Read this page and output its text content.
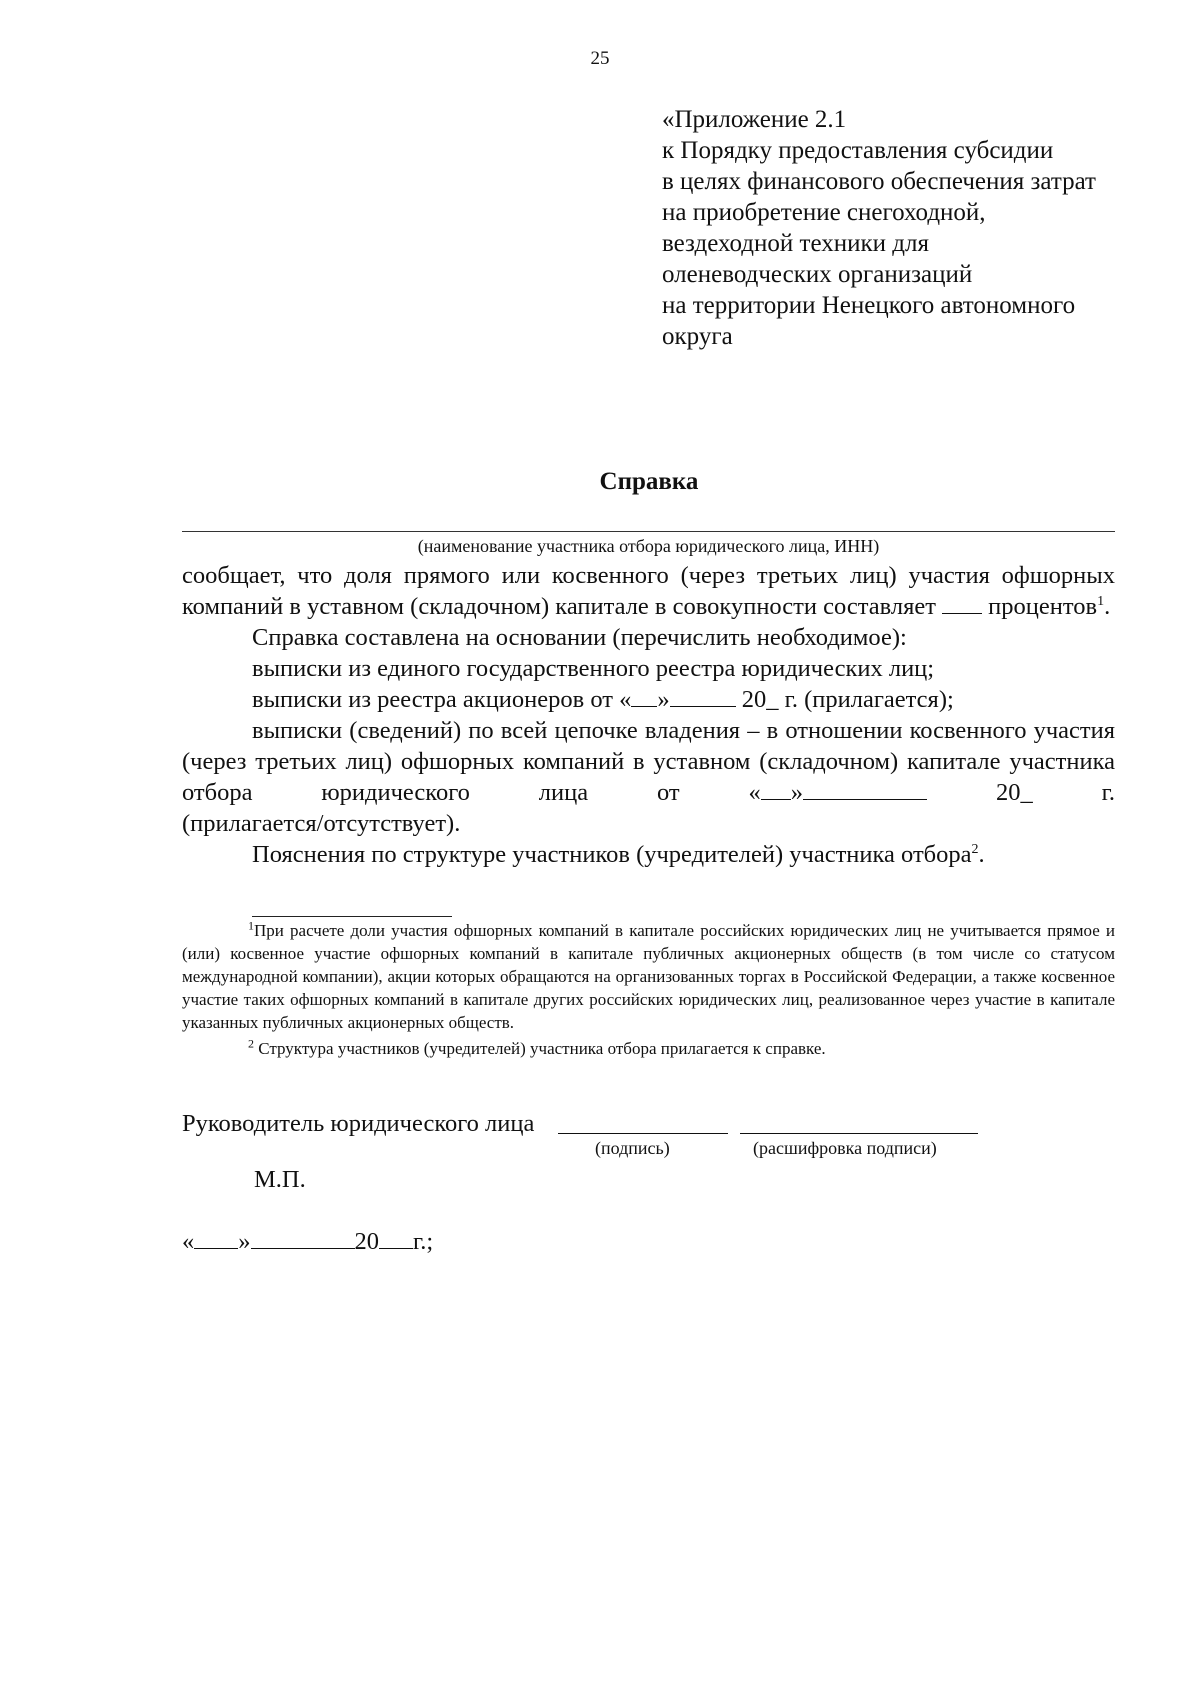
25
«Приложение 2.1
к Порядку предоставления субсидии
в целях финансового обеспечения затрат
на приобретение снегоходной,
вездеходной техники для
оленеводческих организаций
на территории Ненецкого автономного
округа
Справка
(наименование участника отбора юридического лица, ИНН)

сообщает, что доля прямого или косвенного (через третьих лиц) участия офшорных компаний в уставном (складочном) капитале в совокупности составляет процентов$^1$.

Справка составлена на основании (перечислить необходимое):

выписки из единого государственного реестра юридических лиц;

выписки из реестра акционеров от « »	20_ г. (прилагается);

выписки (сведений) по всей цепочке владения – в отношении косвенного участия (через третьих лиц) офшорных компаний в уставном (складочном) капитале участника отбора юридического лица от « »	20_ г.

(прилагается/отсутствует).

Пояснения по структуре участников (учредителей) участника отбора$^2$.

$^1$При расчете доли участия офшорных компаний в капитале российских юридических лиц не учитывается прямое и (или) косвенное участие офшорных компаний в капитале публичных акционерных обществ (в том числе со статусом международной компании), акции которых обращаются на организованных торгах в Российской Федерации, а также косвенное участие таких офшорных компаний в капитале других российских юридических лиц, реализованное через участие в капитале указанных публичных акционерных обществ.

$^2$ Структура участников (учредителей) участника отбора прилагается к справке.

Руководитель юридического лица
(подпись)	(расшифровка подписи)
М.П.
« »	20 г.;
